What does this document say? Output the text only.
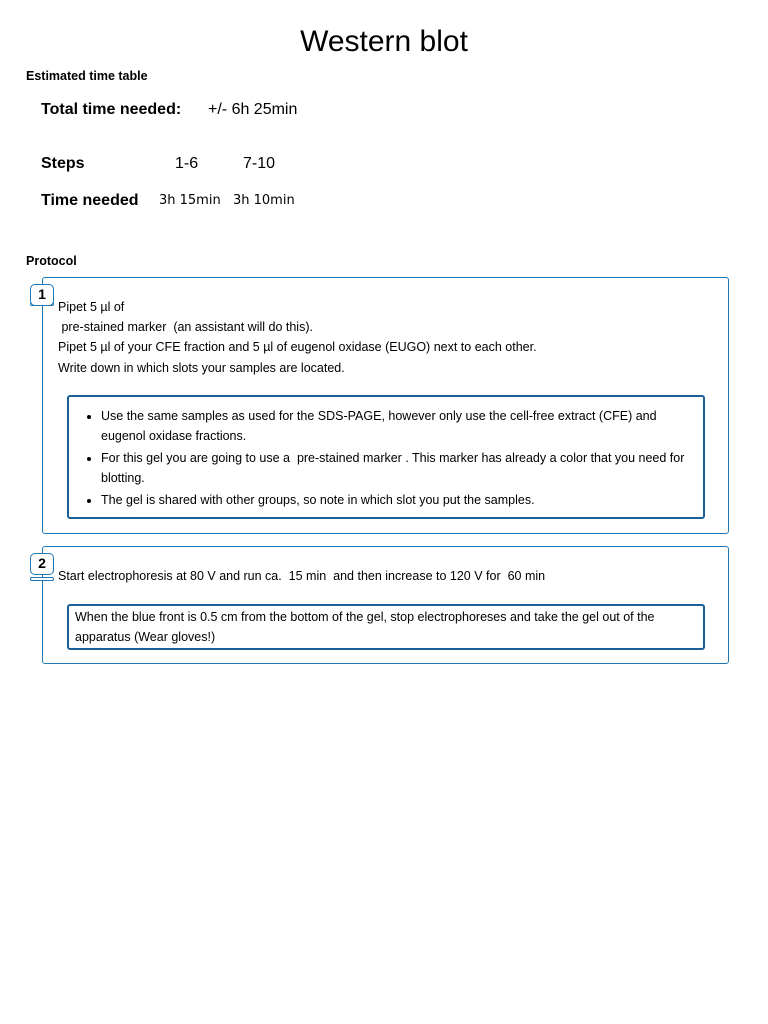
Western blot
Estimated time table
Total time needed: +/- 6h 25min
Steps	1-6	7-10
Time needed 3h 15min 3h 10min
Protocol
1
Pipet 5 µl of
pre-stained marker  (an assistant will do this).
Pipet 5 µl of your CFE fraction and 5 µl of eugenol oxidase (EUGO) next to each other.
Write down in which slots your samples are located.
• Use the same samples as used for the SDS-PAGE, however only use the cell-free extract (CFE) and eugenol oxidase fractions.
• For this gel you are going to use a  pre-stained marker . This marker has already a color that you need for blotting.
• The gel is shared with other groups, so note in which slot you put the samples.
2
Start electrophoresis at 80 V and run ca.  15 min  and then increase to 120 V for  60 min
When the blue front is 0.5 cm from the bottom of the gel, stop electrophoreses and take the gel out of the apparatus (Wear gloves!)
